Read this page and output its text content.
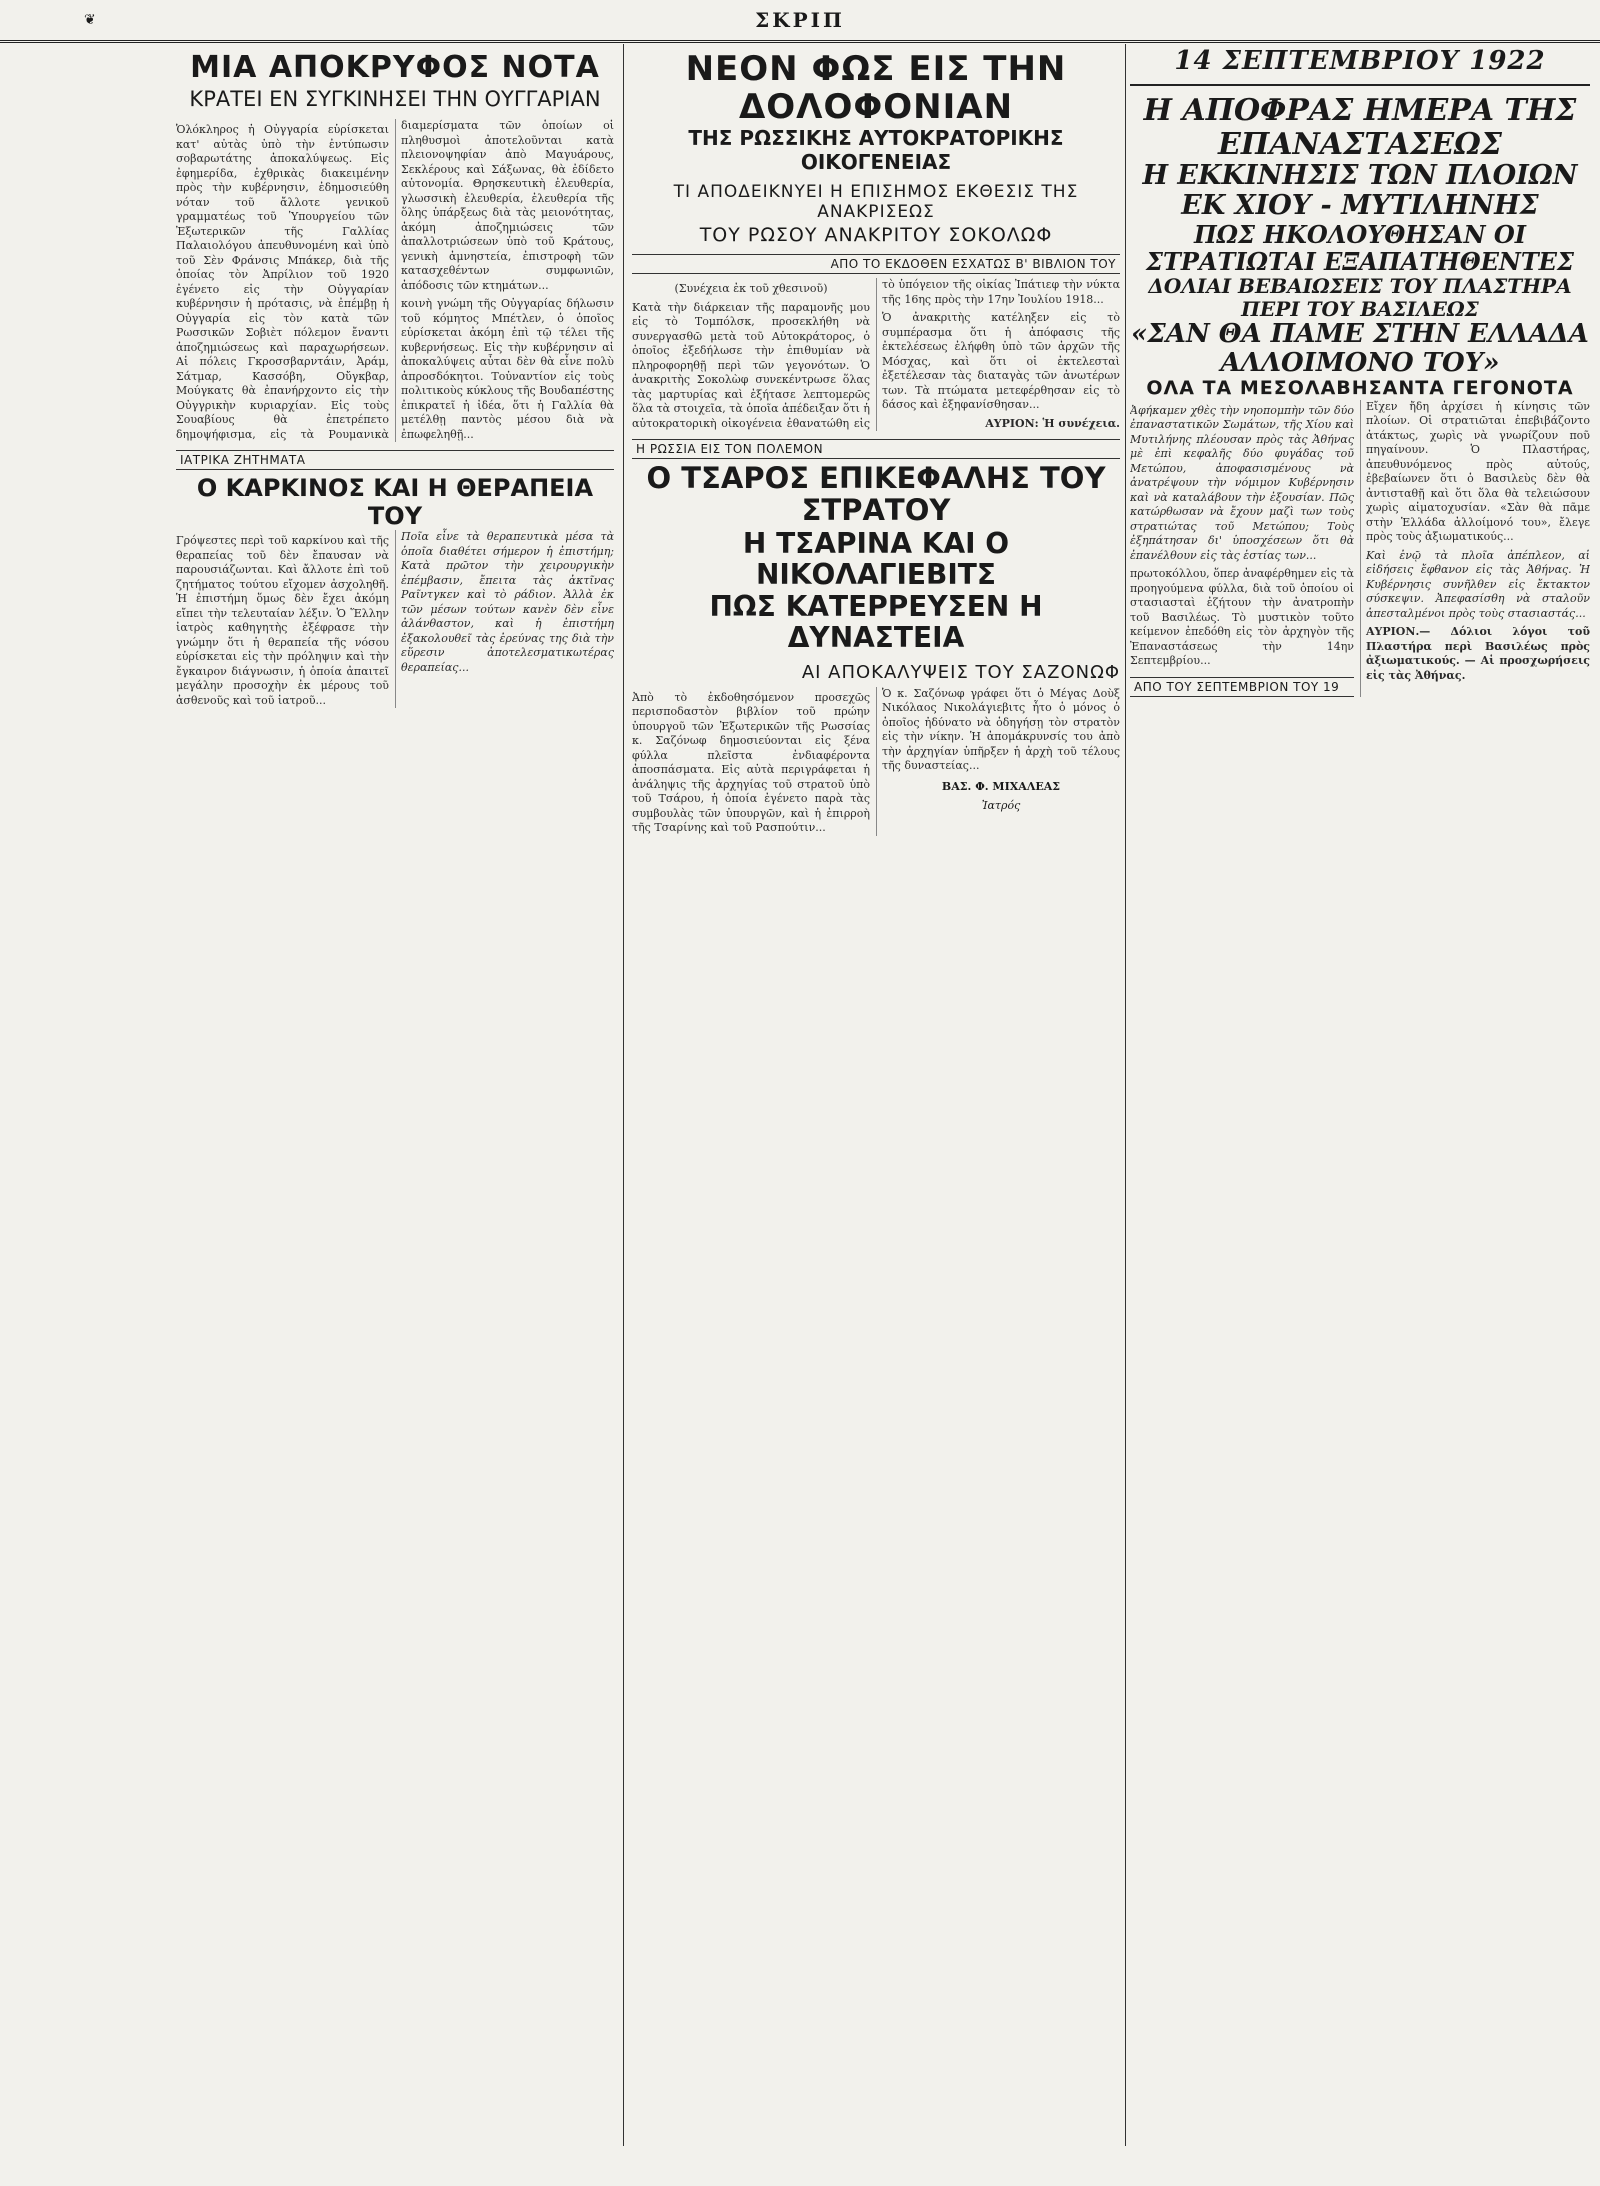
❦	ΣΚΡΙΠ
ΜΙΑ ΑΠΟΚΡΥΦΟΣ ΝΟΤΑ
ΚΡΑΤΕΙ ΕΝ ΣΥΓΚΙΝΗΣΕΙ ΤΗΝ ΟΥΓΓΑΡΙΑΝ

Ὁλόκληρος ἡ Οὐγγαρία εὑρίσκεται κατ' αὐτὰς ὑπὸ τὴν ἐντύπωσιν σοβαρωτάτης ἀποκαλύψεως. Εἰς ἐφημερίδα, ἐχθρικὰς διακειμένην πρὸς τὴν κυβέρνησιν, ἐδημοσιεύθη νόταν τοῦ ἄλλοτε γενικοῦ γραμματέως τοῦ Ὑπουργείου τῶν Ἐξωτερικῶν τῆς Γαλλίας Παλαιολόγου ἀπευθυνομένη καὶ ὑπὸ τοῦ Σὲν Φράνσις Μπάκερ, διὰ τῆς ὁποίας τὸν Ἀπρίλιον τοῦ 1920 ἐγένετο εἰς τὴν Οὐγγαρίαν κυβέρνησιν ἡ πρότασις, νὰ ἐπέμβῃ ἡ Οὐγγαρία εἰς τὸν κατὰ τῶν Ρωσσικῶν Σοβιὲτ πόλεμον ἔναντι ἀποζημιώσεως καὶ παραχωρήσεων. Αἱ πόλεις Γκροσσβαρντάιν, Ἀράμ, Σάτμαρ, Κασσόβη, Οὔγκβαρ, Μούγκατς θὰ ἐπανήρχοντο εἰς τὴν Οὐγγρικὴν κυριαρχίαν. Εἰς τοὺς Σουαβίους θὰ ἐπετρέπετο δημοψήφισμα, εἰς τὰ Ρουμανικὰ διαμερίσματα τῶν ὁποίων οἱ πληθυσμοὶ ἀποτελοῦνται κατὰ πλειονοψηφίαν ἀπὸ Μαγυάρους, Σεκλέρους καὶ Σάξωνας, θὰ ἐδίδετο αὐτονομία. Θρησκευτικὴ ἐλευθερία, γλωσσικὴ ἐλευθερία, ἐλευθερία τῆς ὅλης ὑπάρξεως διὰ τὰς μειονότητας, ἀκόμη ἀποζημιώσεις τῶν ἀπαλλοτριώσεων ὑπὸ τοῦ Κράτους, γενικὴ ἀμνηστεία, ἐπιστροφὴ τῶν κατασχεθέντων συμφωνιῶν, ἀπόδοσις τῶν κτημάτων...

κοινὴ γνώμη τῆς Οὐγγαρίας δήλωσιν τοῦ κόμητος Μπέτλεν, ὁ ὁποῖος εὑρίσκεται ἀκόμη ἐπὶ τῷ τέλει τῆς κυβερνήσεως. Εἰς τὴν κυβέρνησιν αἱ ἀποκαλύψεις αὗται δὲν θὰ εἶνε πολὺ ἀπροσδόκητοι. Τοὐναντίον εἰς τοὺς πολιτικοὺς κύκλους τῆς Βουδαπέστης ἐπικρατεῖ ἡ ἰδέα, ὅτι ἡ Γαλλία θὰ μετέλθῃ παντὸς μέσου διὰ νὰ ἐπωφεληθῇ...

ΙΑΤΡΙΚΑ ΖΗΤΗΜΑΤΑ
Ο ΚΑΡΚΙΝΟΣ ΚΑΙ Η ΘΕΡΑΠΕΙΑ ΤΟΥ

Γρόψεστες περὶ τοῦ καρκίνου καὶ τῆς θεραπείας τοῦ δὲν ἔπαυσαν νὰ παρουσιάζωνται. Καὶ ἄλλοτε ἐπὶ τοῦ ζητήματος τούτου εἴχομεν ἀσχοληθῆ. Ἡ ἐπιστήμη ὅμως δὲν ἔχει ἀκόμη εἴπει τὴν τελευταίαν λέξιν. Ὁ Ἕλλην ἰατρὸς καθηγητὴς ἐξέφρασε τὴν γνώμην ὅτι ἡ θεραπεία τῆς νόσου εὑρίσκεται εἰς τὴν πρόληψιν καὶ τὴν ἔγκαιρον διάγνωσιν, ἡ ὁποία ἀπαιτεῖ μεγάλην προσοχὴν ἐκ μέρους τοῦ ἀσθενοῦς καὶ τοῦ ἰατροῦ...

Ποῖα εἶνε τὰ θεραπευτικὰ μέσα τὰ ὁποῖα διαθέτει σήμερον ἡ ἐπιστήμη; Κατὰ πρῶτον τὴν χειρουργικὴν ἐπέμβασιν, ἔπειτα τὰς ἀκτῖνας Ραῖντγκεν καὶ τὸ ράδιον. Ἀλλὰ ἐκ τῶν μέσων τούτων κανὲν δὲν εἶνε ἀλάνθαστον, καὶ ἡ ἐπιστήμη ἐξακολουθεῖ τὰς ἐρεύνας της διὰ τὴν εὕρεσιν ἀποτελεσματικωτέρας θεραπείας...

ΝΕΟΝ ΦΩΣ ΕΙΣ ΤΗΝ ΔΟΛΟΦΟΝΙΑΝ
ΤΗΣ ΡΩΣΣΙΚΗΣ ΑΥΤΟΚΡΑΤΟΡΙΚΗΣ ΟΙΚΟΓΕΝΕΙΑΣ
ΤΙ ΑΠΟΔΕΙΚΝΥΕΙ Η ΕΠΙΣΗΜΟΣ ΕΚΘΕΣΙΣ ΤΗΣ ΑΝΑΚΡΙΣΕΩΣ
ΤΟΥ ΡΩΣΟΥ ΑΝΑΚΡΙΤΟΥ ΣΟΚΟΛΩΦ
ΑΠΟ ΤΟ ΕΚΔΟΘΕΝ ΕΣΧΑΤΩΣ Β' ΒΙΒΛΙΟΝ ΤΟΥ

(Συνέχεια ἐκ τοῦ χθεσινοῦ)

Κατὰ τὴν διάρκειαν τῆς παραμονῆς μου εἰς τὸ Τομπόλσκ, προσεκλήθη νὰ συνεργασθῶ μετὰ τοῦ Αὐτοκράτορος, ὁ ὁποῖος ἐξεδήλωσε τὴν ἐπιθυμίαν νὰ πληροφορηθῇ περὶ τῶν γεγονότων. Ὁ ἀνακριτὴς Σοκολὼφ συνεκέντρωσε ὅλας τὰς μαρτυρίας καὶ ἐξήτασε λεπτομερῶς ὅλα τὰ στοιχεῖα, τὰ ὁποῖα ἀπέδειξαν ὅτι ἡ αὐτοκρατορικὴ οἰκογένεια ἐθανατώθη εἰς τὸ ὑπόγειον τῆς οἰκίας Ἰπάτιεφ τὴν νύκτα τῆς 16ης πρὸς τὴν 17ην Ἰουλίου 1918...

Ὁ ἀνακριτὴς κατέληξεν εἰς τὸ συμπέρασμα ὅτι ἡ ἀπόφασις τῆς ἐκτελέσεως ἐλήφθη ὑπὸ τῶν ἀρχῶν τῆς Μόσχας, καὶ ὅτι οἱ ἐκτελεσταὶ ἐξετέλεσαν τὰς διαταγὰς τῶν ἀνωτέρων των. Τὰ πτώματα μετεφέρθησαν εἰς τὸ δάσος καὶ ἐξηφανίσθησαν...

ΑΥΡΙΟΝ: Ἡ συνέχεια.

Η ΡΩΣΣΙΑ ΕΙΣ ΤΟΝ ΠΟΛΕΜΟΝ
Ο ΤΣΑΡΟΣ ΕΠΙΚΕΦΑΛΗΣ ΤΟΥ ΣΤΡΑΤΟΥ
Η ΤΣΑΡΙΝΑ ΚΑΙ Ο ΝΙΚΟΛΑΓΙΕΒΙΤΣ
ΠΩΣ ΚΑΤΕΡΡΕΥΣΕΝ Η ΔΥΝΑΣΤΕΙΑ
ΑΙ ΑΠΟΚΑΛΥΨΕΙΣ ΤΟΥ ΣΑΖΟΝΩΦ

Ἀπὸ τὸ ἐκδοθησόμενον προσεχῶς περισποδαστὸν βιβλίον τοῦ πρώην ὑπουργοῦ τῶν Ἐξωτερικῶν τῆς Ρωσσίας κ. Σαζόνωφ δημοσιεύονται εἰς ξένα φύλλα πλεῖστα ἐνδιαφέροντα ἀποσπάσματα. Εἰς αὐτὰ περιγράφεται ἡ ἀνάληψις τῆς ἀρχηγίας τοῦ στρατοῦ ὑπὸ τοῦ Τσάρου, ἡ ὁποία ἐγένετο παρὰ τὰς συμβουλὰς τῶν ὑπουργῶν, καὶ ἡ ἐπιρροὴ τῆς Τσαρίνης καὶ τοῦ Ρασπούτιν...

Ὁ κ. Σαζόνωφ γράφει ὅτι ὁ Μέγας Δοὺξ Νικόλαος Νικολάγιεβιτς ἦτο ὁ μόνος ὁ ὁποῖος ἠδύνατο νὰ ὁδηγήσῃ τὸν στρατὸν εἰς τὴν νίκην. Ἡ ἀπομάκρυνσίς του ἀπὸ τὴν ἀρχηγίαν ὑπῆρξεν ἡ ἀρχὴ τοῦ τέλους τῆς δυναστείας...

ΒΑΣ. Φ. ΜΙΧΑΛΕΑΣ
Ἰατρός
14 ΣΕΠΤΕΜΒΡΙΟΥ 1922
Η ΑΠΟΦΡΑΣ ΗΜΕΡΑ ΤΗΣ ΕΠΑΝΑΣΤΑΣΕΩΣ
Η ΕΚΚΙΝΗΣΙΣ ΤΩΝ ΠΛΟΙΩΝ ΕΚ ΧΙΟΥ - ΜΥΤΙΛΗΝΗΣ
ΠΩΣ ΗΚΟΛΟΥΘΗΣΑΝ ΟΙ ΣΤΡΑΤΙΩΤΑΙ ΕΞΑΠΑΤΗΘΕΝΤΕΣ
ΔΟΛΙΑΙ ΒΕΒΑΙΩΣΕΙΣ ΤΟΥ ΠΛΑΣΤΗΡΑ ΠΕΡΙ ΤΟΥ ΒΑΣΙΛΕΩΣ
«ΣΑΝ ΘΑ ΠΑΜΕ ΣΤΗΝ ΕΛΛΑΔΑ ΑΛΛΟΙΜΟΝΟ ΤΟΥ»
ΟΛΑ ΤΑ ΜΕΣΟΛΑΒΗΣΑΝΤΑ ΓΕΓΟΝΟΤΑ

Ἀφήκαμεν χθὲς τὴν νηοπομπὴν τῶν δύο ἐπαναστατικῶν Σωμάτων, τῆς Χίου καὶ Μυτιλήνης πλέουσαν πρὸς τὰς Ἀθήνας μὲ ἐπὶ κεφαλῆς δύο φυγάδας τοῦ Μετώπου, ἀποφασισμένους νὰ ἀνατρέψουν τὴν νόμιμον Κυβέρνησιν καὶ νὰ καταλάβουν τὴν ἐξουσίαν. Πῶς κατώρθωσαν νὰ ἔχουν μαζὶ των τοὺς στρατιώτας τοῦ Μετώπου; Τοὺς ἐξηπάτησαν δι' ὑποσχέσεων ὅτι θὰ ἐπανέλθουν εἰς τὰς ἑστίας των...

πρωτοκόλλου, ὅπερ ἀναφέρθημεν εἰς τὰ προηγούμενα φύλλα, διὰ τοῦ ὁποίου οἱ στασιασταὶ ἐζήτουν τὴν ἀνατροπὴν τοῦ Βασιλέως. Τὸ μυστικὸν τοῦτο κείμενον ἐπεδόθη εἰς τὸν ἀρχηγὸν τῆς Ἐπαναστάσεως τὴν 14ην Σεπτεμβρίου...

ΑΠΟ ΤΟΥ ΣΕΠΤΕΜΒΡΙΟΝ ΤΟΥ 19

Εἴχεν ἤδη ἀρχίσει ἡ κίνησις τῶν πλοίων. Οἱ στρατιῶται ἐπεβιβάζοντο ἀτάκτως, χωρὶς νὰ γνωρίζουν ποῦ πηγαίνουν. Ὁ Πλαστήρας, ἀπευθυνόμενος πρὸς αὐτούς, ἐβεβαίωνεν ὅτι ὁ Βασιλεὺς δὲν θὰ ἀντισταθῇ καὶ ὅτι ὅλα θὰ τελειώσουν χωρὶς αἱματοχυσίαν. «Σὰν θὰ πᾶμε στὴν Ἑλλάδα ἀλλοίμονό του», ἔλεγε πρὸς τοὺς ἀξιωματικούς...

Καὶ ἐνῷ τὰ πλοῖα ἀπέπλεον, αἱ εἰδήσεις ἔφθανον εἰς τὰς Ἀθήνας. Ἡ Κυβέρνησις συνῆλθεν εἰς ἔκτακτον σύσκεψιν. Ἀπεφασίσθη νὰ σταλοῦν ἀπεσταλμένοι πρὸς τοὺς στασιαστάς...

ΑΥΡΙΟΝ.— Δόλιοι λόγοι τοῦ Πλαστήρα περὶ Βασιλέως πρὸς ἀξιωματικούς. — Αἱ προσχωρήσεις εἰς τὰς Ἀθήνας.
